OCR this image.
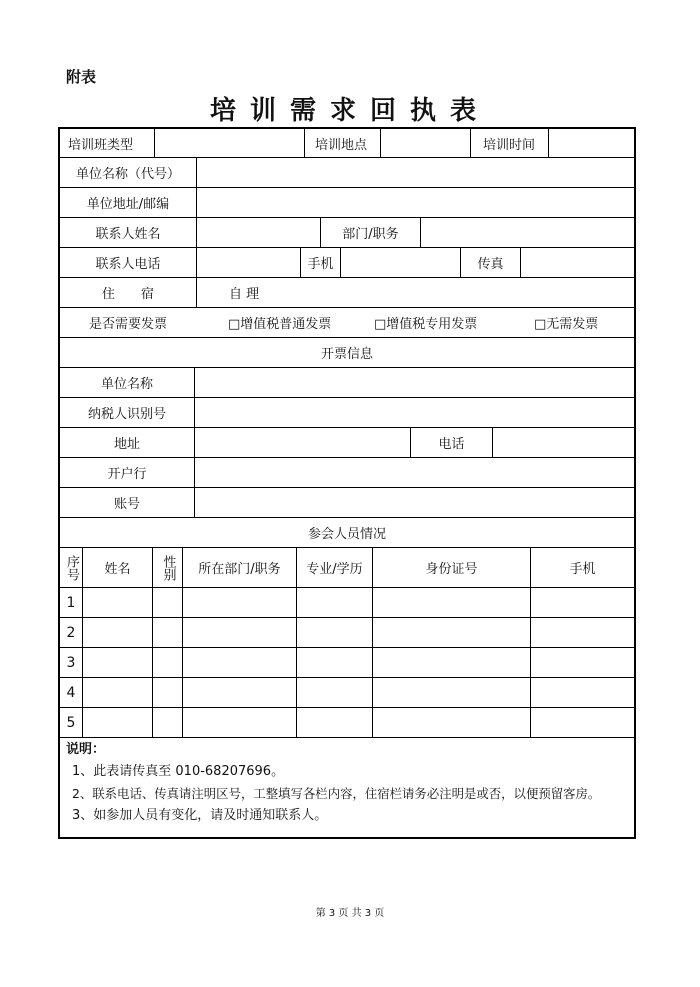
附表
培训需求回执表
培训班类型	培训地点	培训时间
单位名称（代号）
单位地址/邮编
联系人姓名	部门/职务
联系人电话	手机	传真
住　　宿	自 理
是否需要发票	□增值税普通发票	□增值税专用发票	□无需发票
开票信息
单位名称
纳税人识别号
地址	电话
开户行
账号
参会人员情况
序号	姓名	性别	所在部门/职务	专业/学历	身份证号	手机
1
2
3
4
5
说明：
1、此表请传真至 010-68207696。
2、联系电话、传真请注明区号，工整填写各栏内容，住宿栏请务必注明是或否，以便预留客房。
3、如参加人员有变化，请及时通知联系人。
第 3 页 共 3 页
